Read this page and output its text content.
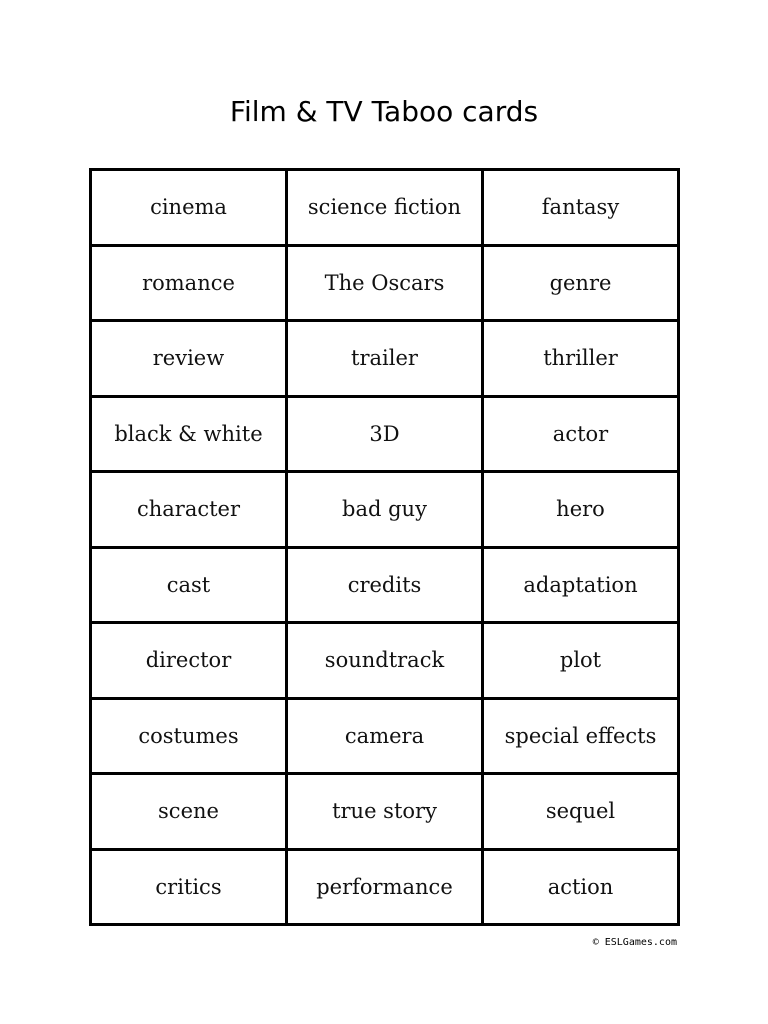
Film & TV Taboo cards
cinema	science fiction	fantasy
romance	The Oscars	genre
review	trailer	thriller
black & white	3D	actor
character	bad guy	hero
cast	credits	adaptation
director	soundtrack	plot
costumes	camera	special effects
scene	true story	sequel
critics	performance	action
© ESLGames.com
